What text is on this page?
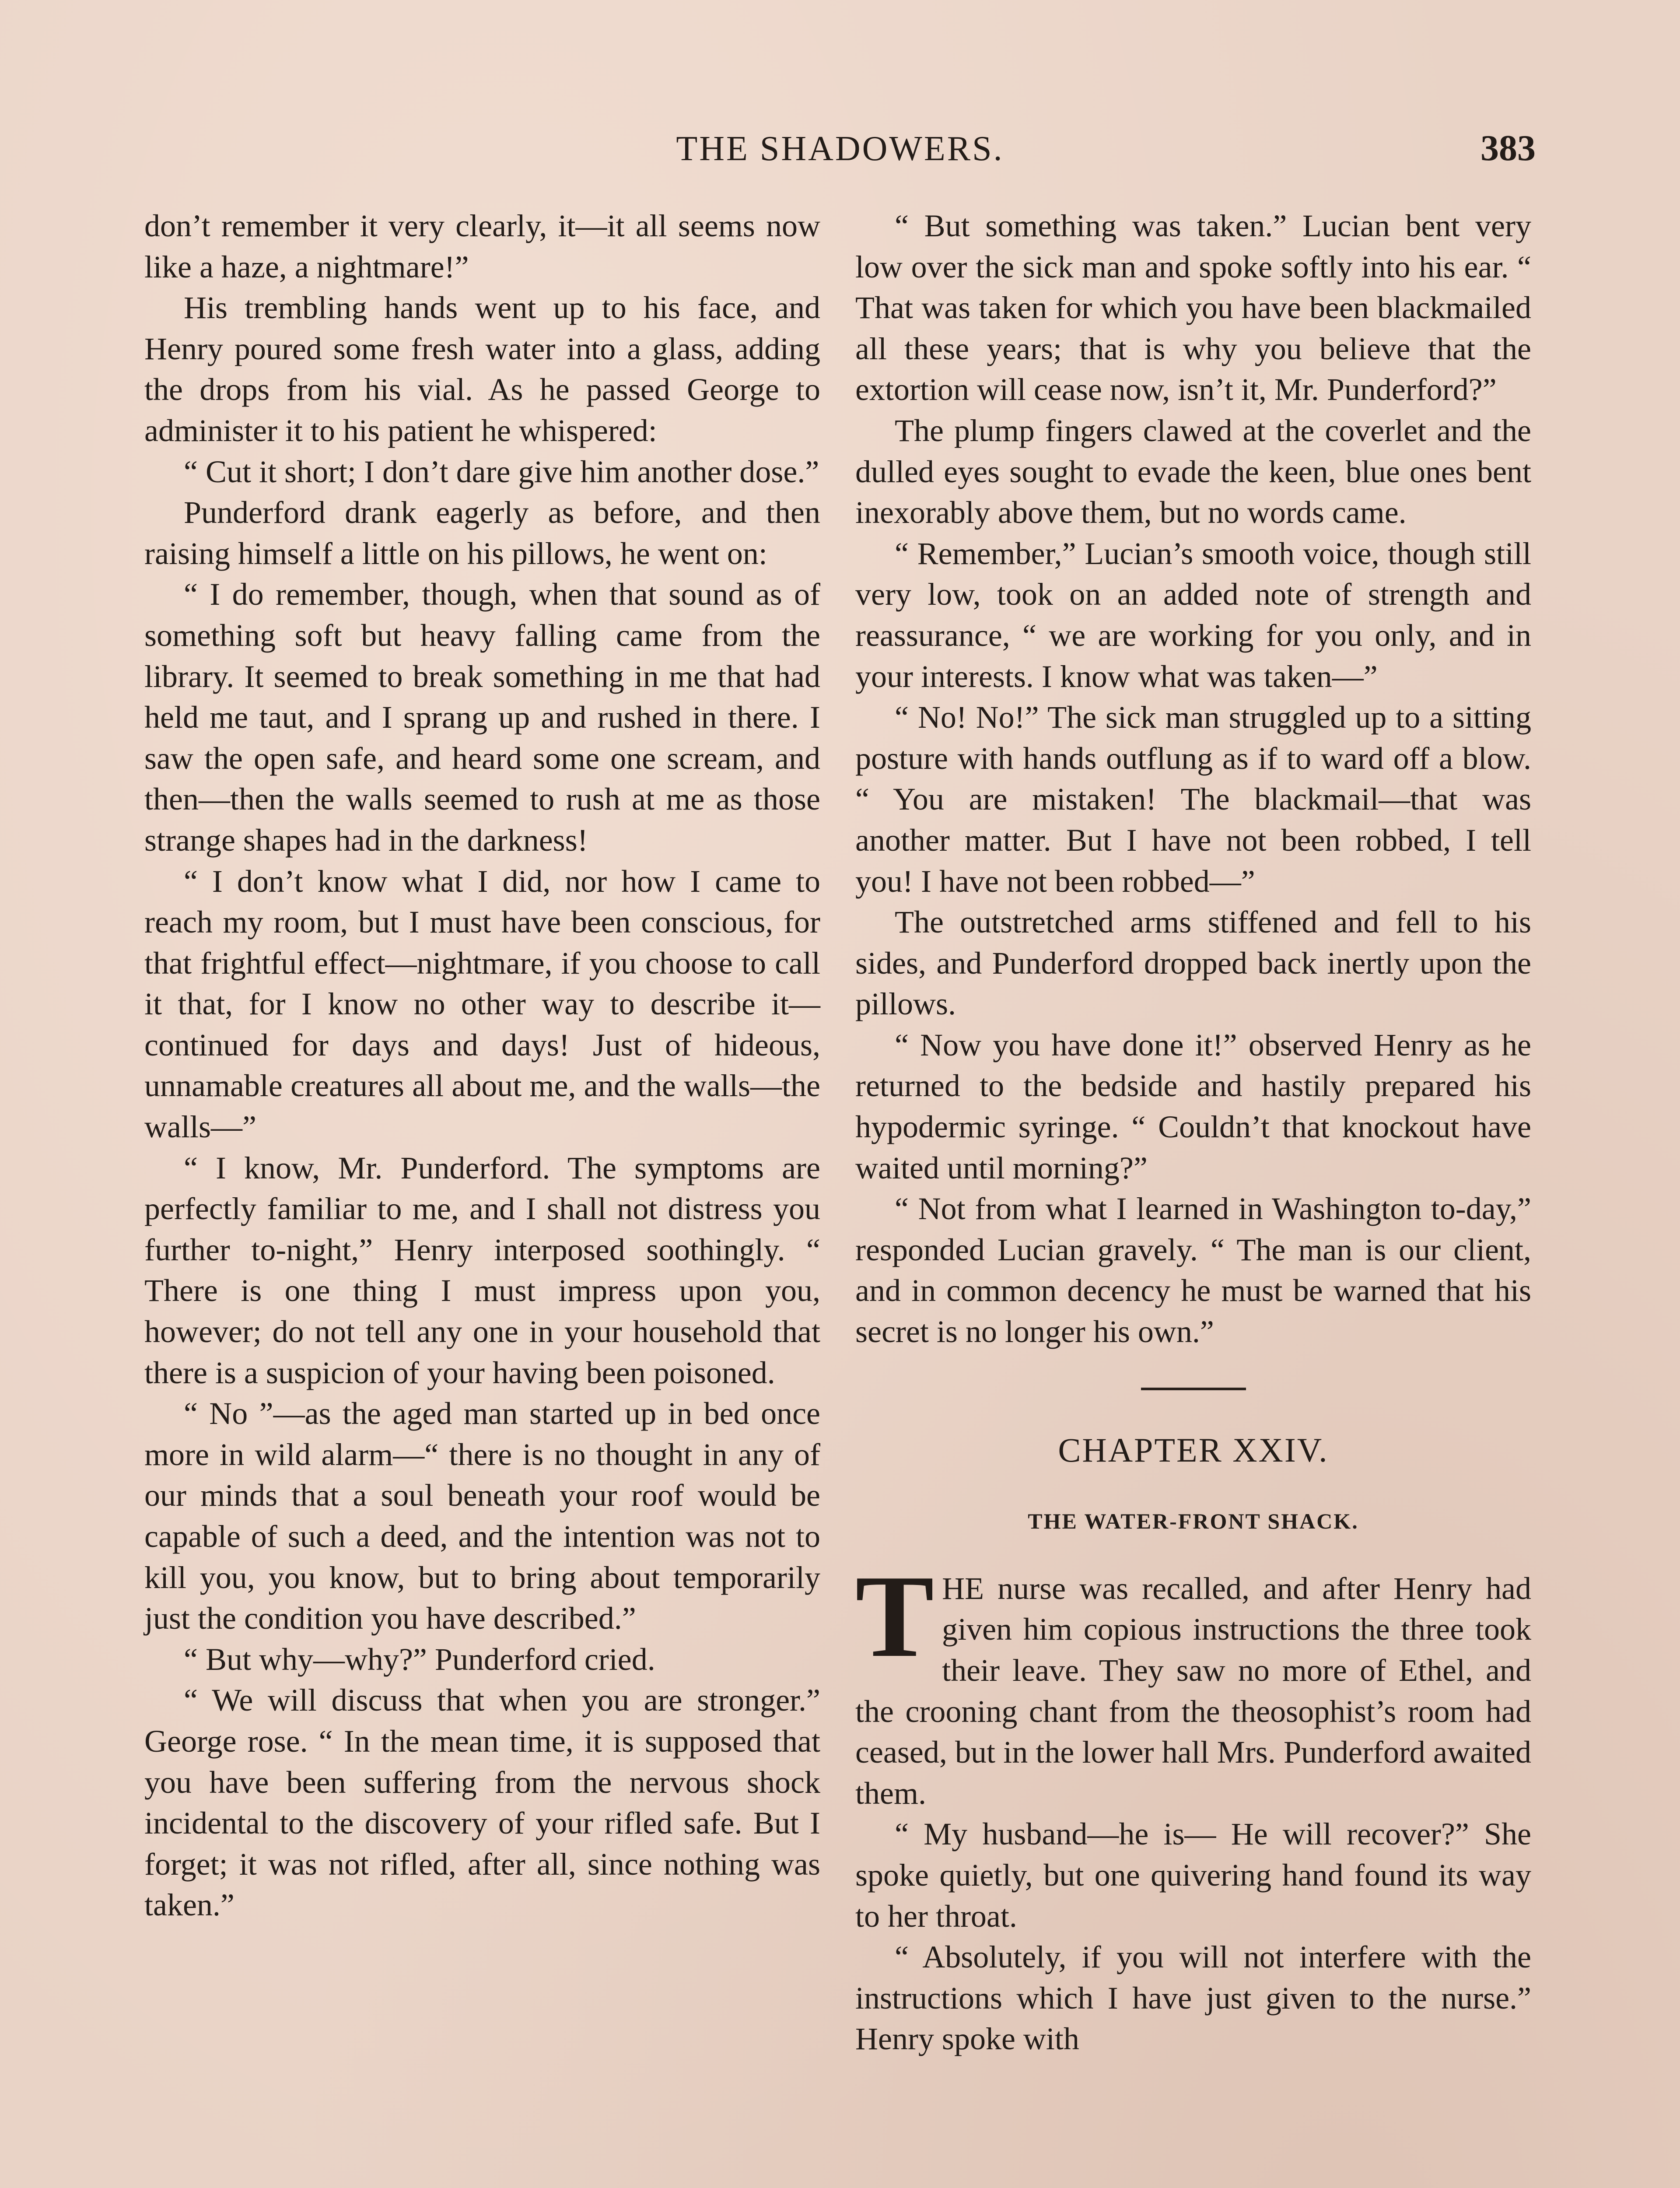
THE SHADOWERS.	383

don’t remember it very clearly, it—it all seems now like a haze, a nightmare!”

His trembling hands went up to his face, and Henry poured some fresh water into a glass, adding the drops from his vial. As he passed George to administer it to his patient he whispered:

“ Cut it short; I don’t dare give him another dose.”

Punderford drank eagerly as before, and then raising himself a little on his pillows, he went on:

“ I do remember, though, when that sound as of something soft but heavy falling came from the library. It seemed to break something in me that had held me taut, and I sprang up and rushed in there. I saw the open safe, and heard some one scream, and then—then the walls seemed to rush at me as those strange shapes had in the darkness!

“ I don’t know what I did, nor how I came to reach my room, but I must have been conscious, for that frightful effect—nightmare, if you choose to call it that, for I know no other way to describe it—continued for days and days! Just of hideous, unnamable creatures all about me, and the walls—the walls—”

“ I know, Mr. Punderford. The symptoms are perfectly familiar to me, and I shall not distress you further to-night,” Henry interposed soothingly. “ There is one thing I must impress upon you, however; do not tell any one in your household that there is a suspicion of your having been poisoned.

“ No ”—as the aged man started up in bed once more in wild alarm—“ there is no thought in any of our minds that a soul beneath your roof would be capable of such a deed, and the intention was not to kill you, you know, but to bring about temporarily just the condition you have described.”

“ But why—why?” Punderford cried.

“ We will discuss that when you are stronger.” George rose. “ In the mean time, it is supposed that you have been suffering from the nervous shock incidental to the discovery of your rifled safe. But I forget; it was not rifled, after all, since nothing was taken.”

“ But something was taken.” Lucian bent very low over the sick man and spoke softly into his ear. “ That was taken for which you have been blackmailed all these years; that is why you believe that the extortion will cease now, isn’t it, Mr. Punderford?”

The plump fingers clawed at the coverlet and the dulled eyes sought to evade the keen, blue ones bent inexorably above them, but no words came.

“ Remember,” Lucian’s smooth voice, though still very low, took on an added note of strength and reassurance, “ we are working for you only, and in your interests. I know what was taken—”

“ No! No!” The sick man struggled up to a sitting posture with hands outflung as if to ward off a blow. “ You are mistaken! The blackmail—that was another matter. But I have not been robbed, I tell you! I have not been robbed—”

The outstretched arms stiffened and fell to his sides, and Punderford dropped back inertly upon the pillows.

“ Now you have done it!” observed Henry as he returned to the bedside and hastily prepared his hypodermic syringe. “ Couldn’t that knockout have waited until morning?”

“ Not from what I learned in Washington to-day,” responded Lucian gravely. “ The man is our client, and in common decency he must be warned that his secret is no longer his own.”

CHAPTER XXIV.
THE WATER-FRONT SHACK.

THE nurse was recalled, and after Henry had given him copious instructions the three took their leave. They saw no more of Ethel, and the crooning chant from the theosophist’s room had ceased, but in the lower hall Mrs. Punderford awaited them.

“ My husband—he is— He will recover?” She spoke quietly, but one quivering hand found its way to her throat.

“ Absolutely, if you will not interfere with the instructions which I have just given to the nurse.” Henry spoke with
